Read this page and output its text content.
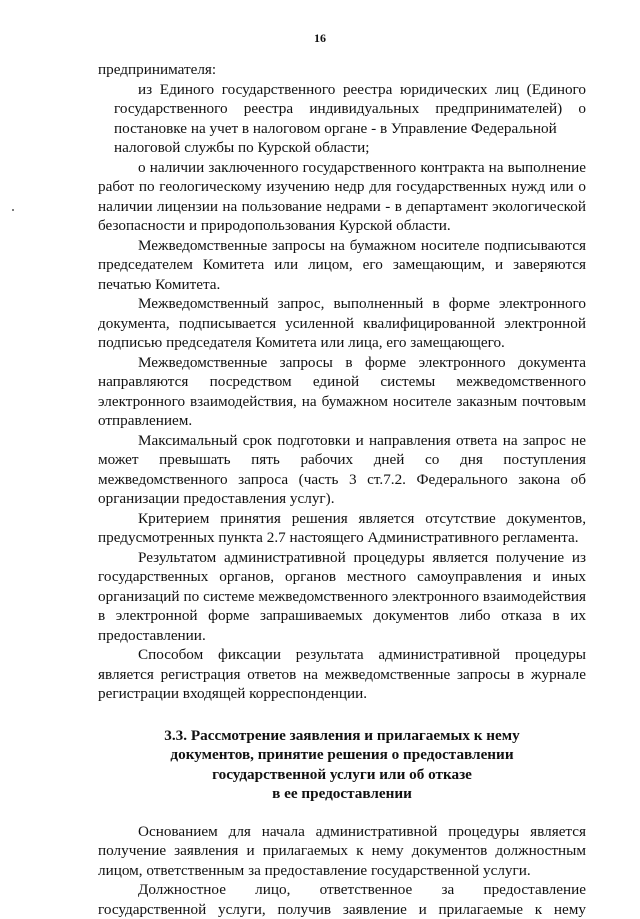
16
предпринимателя:
из Единого государственного реестра юридических лиц (Единого
государственного реестра индивидуальных предпринимателей) о
постановке на учет в налоговом органе - в Управление Федеральной
налоговой службы по Курской области;
о наличии заключенного государственного контракта на выполнение
работ по геологическому изучению недр для государственных нужд или о
наличии лицензии на пользование недрами - в департамент экологической
безопасности и природопользования Курской области.
Межведомственные запросы на бумажном носителе подписываются
председателем Комитета или лицом, его замещающим, и заверяются
печатью Комитета.
Межведомственный запрос, выполненный в форме электронного
документа, подписывается усиленной квалифицированной электронной
подписью председателя Комитета или лица, его замещающего.
Межведомственные запросы в форме электронного документа
направляются посредством единой системы межведомственного
электронного взаимодействия, на бумажном носителе заказным почтовым
отправлением.
Максимальный срок подготовки и направления ответа на запрос не
может превышать пять рабочих дней со дня поступления
межведомственного запроса (часть 3 ст.7.2. Федерального закона об
организации предоставления услуг).
Критерием принятия решения является отсутствие документов,
предусмотренных пункта 2.7 настоящего Административного регламента.
Результатом административной процедуры является получение из
государственных органов, органов местного самоуправления и иных
организаций по системе межведомственного электронного взаимодействия
в электронной форме запрашиваемых документов либо отказа в их
предоставлении.
Способом фиксации результата административной процедуры
является регистрация ответов на межведомственные запросы в журнале
регистрации входящей корреспонденции.
3.3. Рассмотрение заявления и прилагаемых к нему
документов, принятие решения о предоставлении
государственной услуги или об отказе
в ее предоставлении
Основанием для начала административной процедуры является
получение заявления и прилагаемых к нему документов должностным
лицом, ответственным за предоставление государственной услуги.
Должностное лицо, ответственное за предоставление
государственной услуги, получив заявление и прилагаемые к нему
